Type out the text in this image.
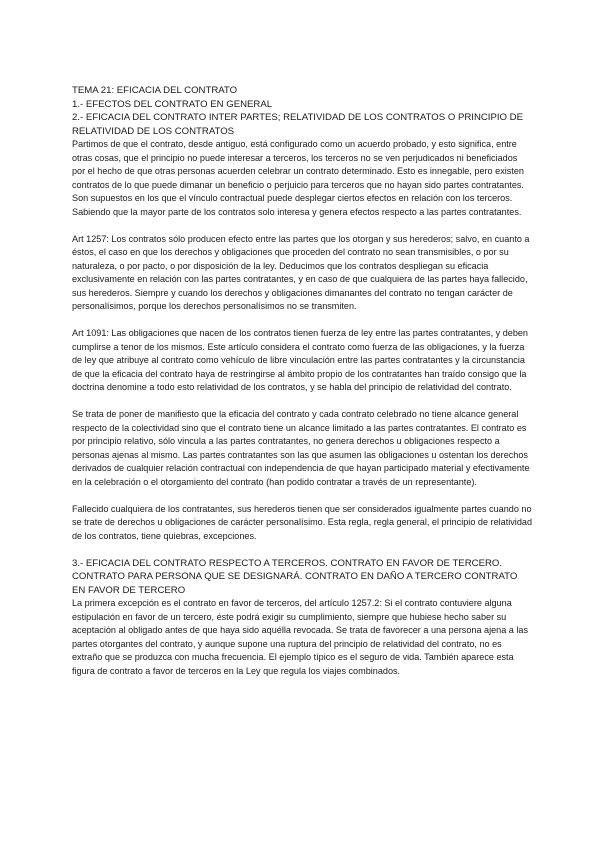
TEMA 21: EFICACIA DEL CONTRATO

1.- EFECTOS DEL CONTRATO EN GENERAL

2.- EFICACIA DEL CONTRATO INTER PARTES; RELATIVIDAD DE LOS CONTRATOS O PRINCIPIO DE RELATIVIDAD DE LOS CONTRATOS

Partimos de que el contrato, desde antiguo, está configurado como un acuerdo probado, y esto significa, entre otras cosas, que el principio no puede interesar a terceros, los terceros no se ven perjudicados ni beneficiados por el hecho de que otras personas acuerden celebrar un contrato determinado. Esto es innegable, pero existen contratos de lo que puede dimanar un beneficio o perjuicio para terceros que no hayan sido partes contratantes. Son supuestos en los que el vínculo contractual puede desplegar ciertos efectos en relación con los terceros. Sabiendo que la mayor parte de los contratos solo interesa y genera efectos respecto a las partes contratantes.

Art 1257: Los contratos sólo producen efecto entre las partes que los otorgan y sus herederos; salvo, en cuanto a éstos, el caso en que los derechos y obligaciones que proceden del contrato no sean transmisibles, o por su naturaleza, o por pacto, o por disposición de la ley. Deducimos que los contratos despliegan su eficacia exclusivamente en relación con las partes contratantes, y en caso de que cualquiera de las partes haya fallecido, sus herederos. Siempre y cuando los derechos y obligaciones dimanantes del contrato no tengan carácter de personalísimos, porque los derechos personalísimos no se transmiten.

Art 1091: Las obligaciones que nacen de los contratos tienen fuerza de ley entre las partes contratantes, y deben cumplirse a tenor de los mismos. Este artículo considera el contrato como fuerza de las obligaciones, y la fuerza de ley que atribuye al contrato como vehículo de libre vinculación entre las partes contratantes y la circunstancia de que la eficacia del contrato haya de restringirse al ámbito propio de los contratantes han traído consigo que la doctrina denomine a todo esto relatividad de los contratos, y se habla del principio de relatividad del contrato.

Se trata de poner de manifiesto que la eficacia del contrato y cada contrato celebrado no tiene alcance general respecto de la colectividad sino que el contrato tiene un alcance limitado a las partes contratantes. El contrato es por principio relativo, sólo vincula a las partes contratantes, no genera derechos u obligaciones respecto a personas ajenas al mismo. Las partes contratantes son las que asumen las obligaciones u ostentan los derechos derivados de cualquier relación contractual con independencia de que hayan participado material y efectivamente en la celebración o el otorgamiento del contrato (han podido contratar a través de un representante).

Fallecido cualquiera de los contratantes, sus herederos tienen que ser considerados igualmente partes cuando no se trate de derechos u obligaciones de carácter personalísimo. Esta regla, regla general, el principio de relatividad de los contratos, tiene quiebras, excepciones.

3.- EFICACIA DEL CONTRATO RESPECTO A TERCEROS. CONTRATO EN FAVOR DE TERCERO. CONTRATO PARA PERSONA QUE SE DESIGNARÁ. CONTRATO EN DAÑO A TERCERO CONTRATO EN FAVOR DE TERCERO

La primera excepción es el contrato en favor de terceros, del artículo 1257.2: Si el contrato contuviere alguna estipulación en favor de un tercero, éste podrá exigir su cumplimiento, siempre que hubiese hecho saber su aceptación al obligado antes de que haya sido aquélla revocada. Se trata de favorecer a una persona ajena a las partes otorgantes del contrato, y aunque supone una ruptura del principio de relatividad del contrato, no es extraño que se produzca con mucha frecuencia. El ejemplo típico es el seguro de vida. También aparece esta figura de contrato a favor de terceros en la Ley que regula los viajes combinados.
